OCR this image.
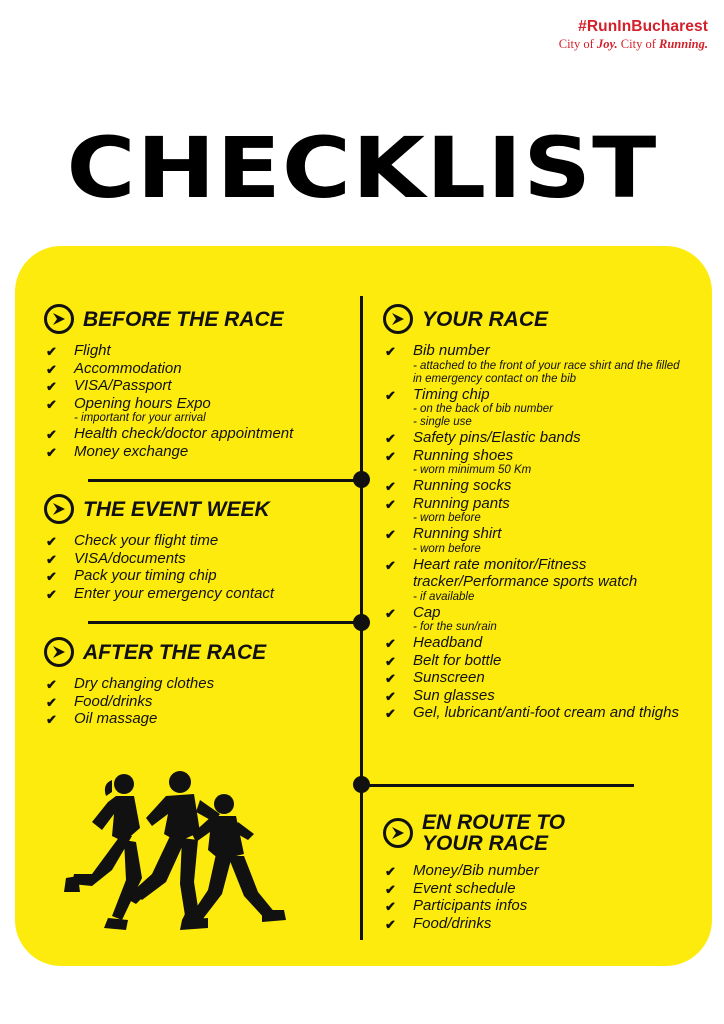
#RunInBucharest
City of Joy. City of Running.
CHECKLIST
BEFORE THE RACE
✔ Flight
✔ Accommodation
✔ VISA/Passport
✔ Opening hours Expo
- important for your arrival
✔ Health check/doctor appointment
✔ Money exchange
THE EVENT WEEK
✔ Check your flight time
✔ VISA/documents
✔ Pack your timing chip
✔ Enter your emergency contact
AFTER THE RACE
✔ Dry changing clothes
✔ Food/drinks
✔ Oil massage
YOUR RACE
✔ Bib number
- attached to the front of your race shirt and the filled in emergency contact on the bib
✔ Timing chip
- on the back of bib number
- single use
✔ Safety pins/Elastic bands
✔ Running shoes
- worn minimum 50 Km
✔ Running socks
✔ Running pants
- worn before
✔ Running shirt
- worn before
✔ Heart rate monitor/Fitness tracker/Performance sports watch
- if available
✔ Cap
- for the sun/rain
✔ Headband
✔ Belt for bottle
✔ Sunscreen
✔ Sun glasses
✔ Gel, lubricant/anti-foot cream and thighs
EN ROUTE TO
YOUR RACE
✔ Money/Bib number
✔ Event schedule
✔ Participants infos
✔ Food/drinks
